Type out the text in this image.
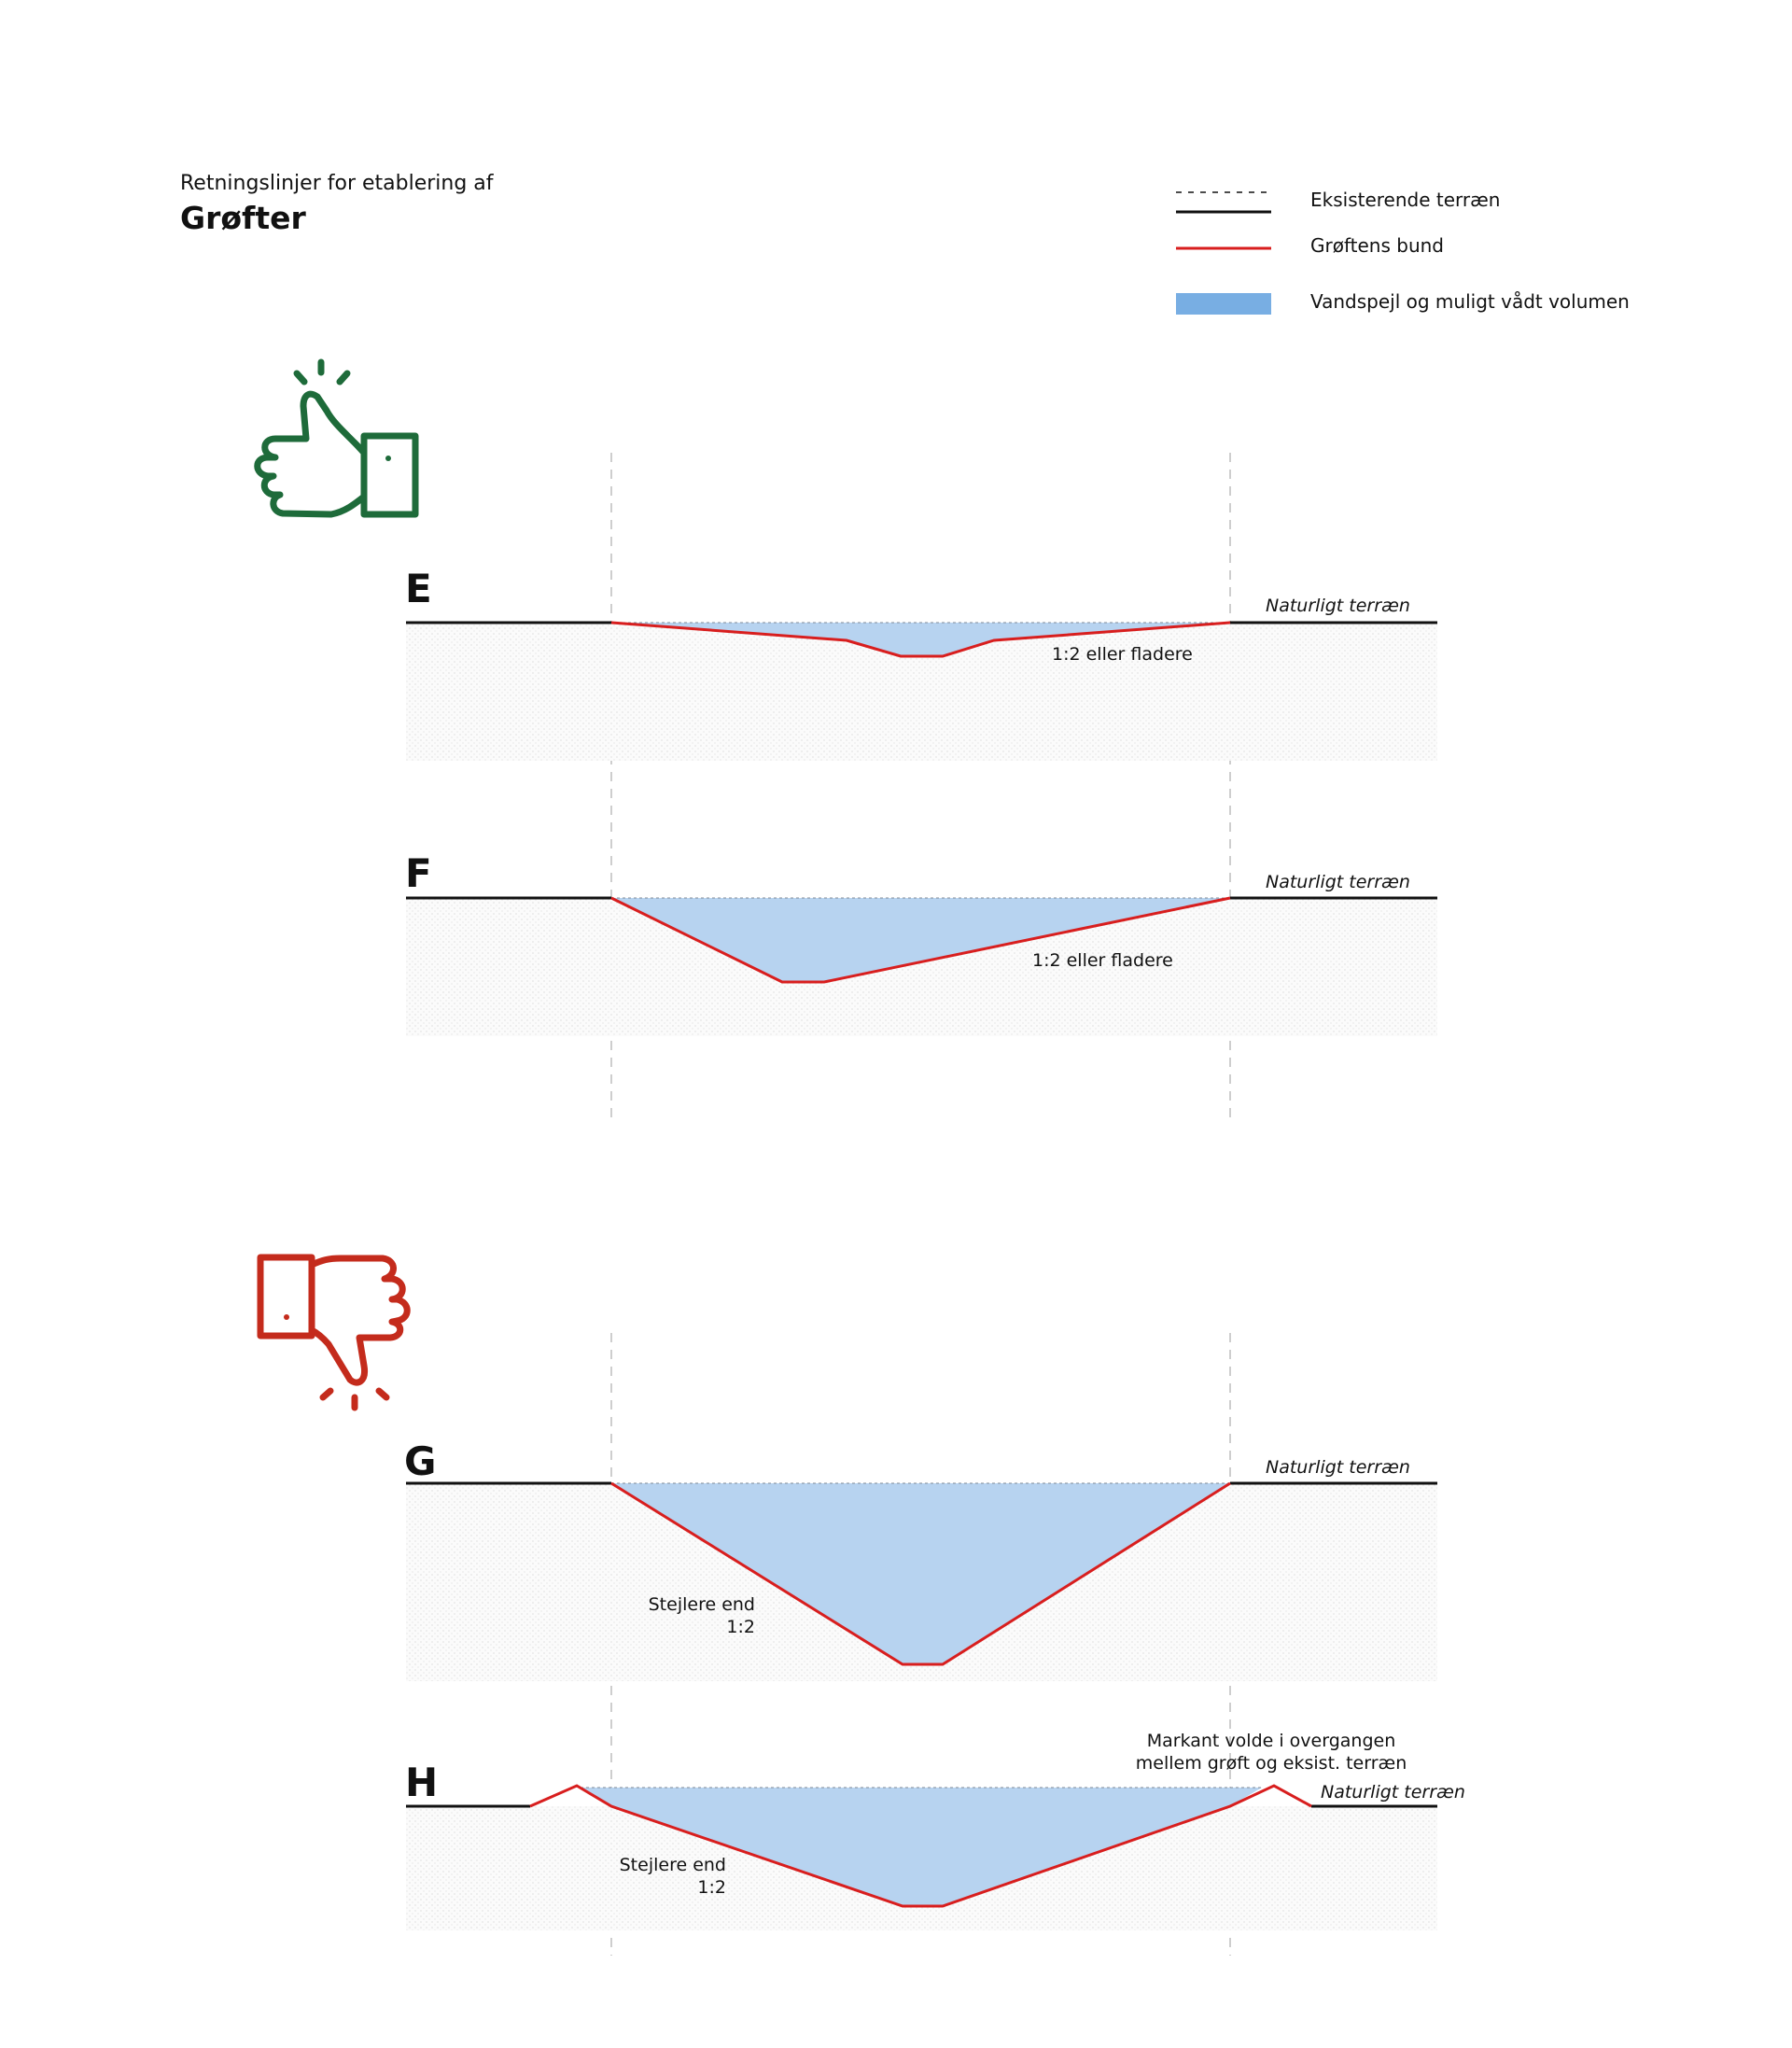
Retningslinjer for etablering af
Grøfter	Eksisterende terræn
Grøftens bund
Vandspejl og muligt vådt volumen
E	Naturligt terræn
1:2 eller fladere
F	Naturligt terræn
1:2 eller fladere
G	Naturligt terræn
Stejlere end
1:2
H	Naturligt terræn
Markant volde i overgangen
mellem grøft og eksist. terræn
Stejlere end
1:2
